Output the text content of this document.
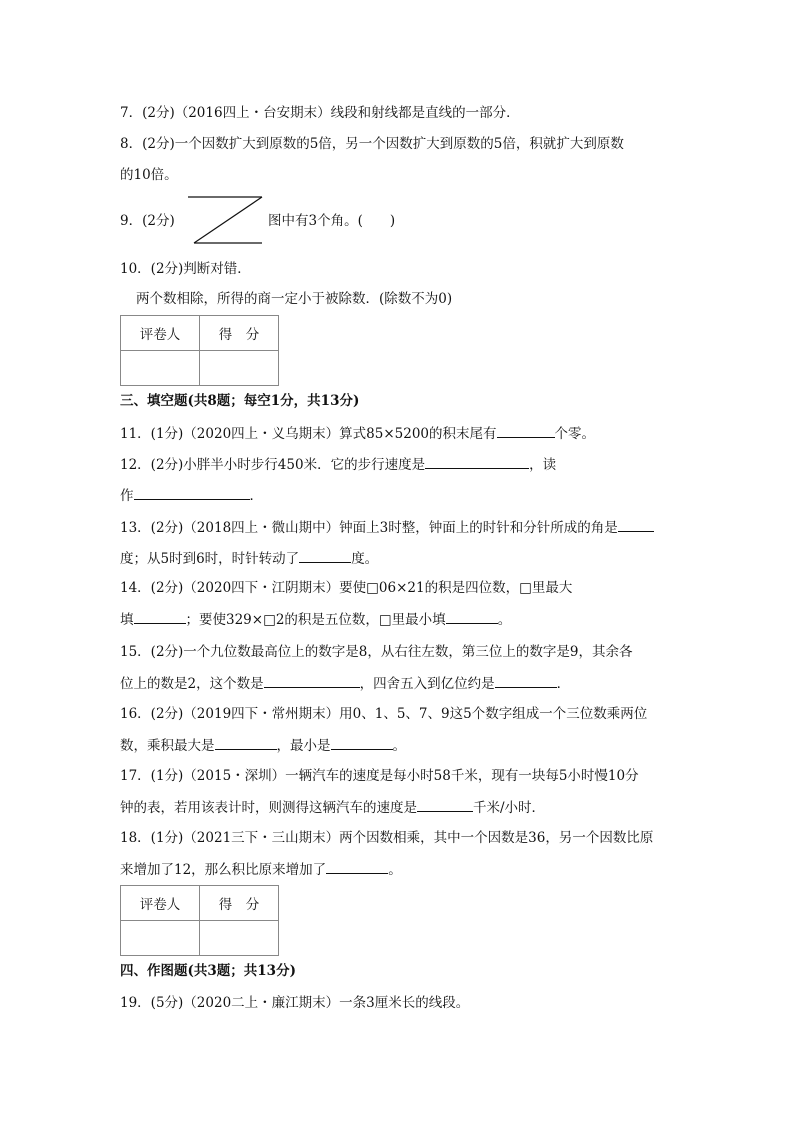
7．(2分)（2016四上・台安期末）线段和射线都是直线的一部分．
8．(2分)一个因数扩大到原数的5倍，另一个因数扩大到原数的5倍，积就扩大到原数
的10倍。
9．(2分)	图中有3个角。(　　)
10．(2分)判断对错．
两个数相除，所得的商一定小于被除数．(除数不为0)
评卷人	得　分

三、填空题(共8题；每空1分，共13分)
11．(1分)（2020四上・义乌期末）算式85×5200的积末尾有	个零。
12．(2分)小胖半小时步行450米．它的步行速度是	，读
作	．
13．(2分)（2018四上・微山期中）钟面上3时整，钟面上的时针和分针所成的角是
度；从5时到6时，时针转动了	度。
14．(2分)（2020四下・江阴期末）要使□06×21的积是四位数，□里最大
填	；要使329×□2的积是五位数，□里最小填	。
15．(2分)一个九位数最高位上的数字是8，从右往左数，第三位上的数字是9，其余各
位上的数是2，这个数是	，四舍五入到亿位约是	．
16．(2分)（2019四下・常州期末）用0、1、5、7、9这5个数字组成一个三位数乘两位
数，乘积最大是	，最小是	。
17．(1分)（2015・深圳）一辆汽车的速度是每小时58千米，现有一块每5小时慢10分
钟的表，若用该表计时，则测得这辆汽车的速度是	千米/小时．
18．(1分)（2021三下・三山期末）两个因数相乘，其中一个因数是36，另一个因数比原
来增加了12，那么积比原来增加了	。
评卷人	得　分

四、作图题(共3题；共13分)
19．(5分)（2020二上・廉江期末）一条3厘米长的线段。
